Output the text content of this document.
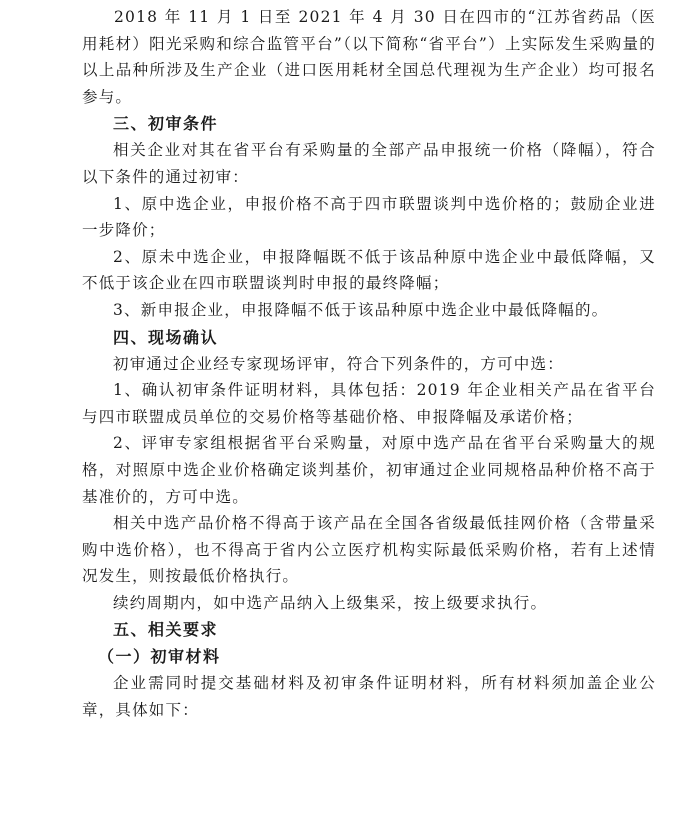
2018 年 11 月 1 日至 2021 年 4 月 30 日在四市的“江苏省药品（医用耗材）阳光采购和综合监管平台”（以下简称“省平台”）上实际发生采购量的以上品种所涉及生产企业（进口医用耗材全国总代理视为生产企业）均可报名参与。

三、初审条件

相关企业对其在省平台有采购量的全部产品申报统一价格（降幅），符合以下条件的通过初审：

1、原中选企业，申报价格不高于四市联盟谈判中选价格的；鼓励企业进一步降价；

2、原未中选企业，申报降幅既不低于该品种原中选企业中最低降幅，又不低于该企业在四市联盟谈判时申报的最终降幅；

3、新申报企业，申报降幅不低于该品种原中选企业中最低降幅的。

四、现场确认

初审通过企业经专家现场评审，符合下列条件的，方可中选：

1、确认初审条件证明材料，具体包括：2019 年企业相关产品在省平台与四市联盟成员单位的交易价格等基础价格、申报降幅及承诺价格；

2、评审专家组根据省平台采购量，对原中选产品在省平台采购量大的规格，对照原中选企业价格确定谈判基价，初审通过企业同规格品种价格不高于基准价的，方可中选。

相关中选产品价格不得高于该产品在全国各省级最低挂网价格（含带量采购中选价格），也不得高于省内公立医疗机构实际最低采购价格，若有上述情况发生，则按最低价格执行。

续约周期内，如中选产品纳入上级集采，按上级要求执行。

五、相关要求

（一）初审材料

企业需同时提交基础材料及初审条件证明材料，所有材料须加盖企业公章，具体如下：
